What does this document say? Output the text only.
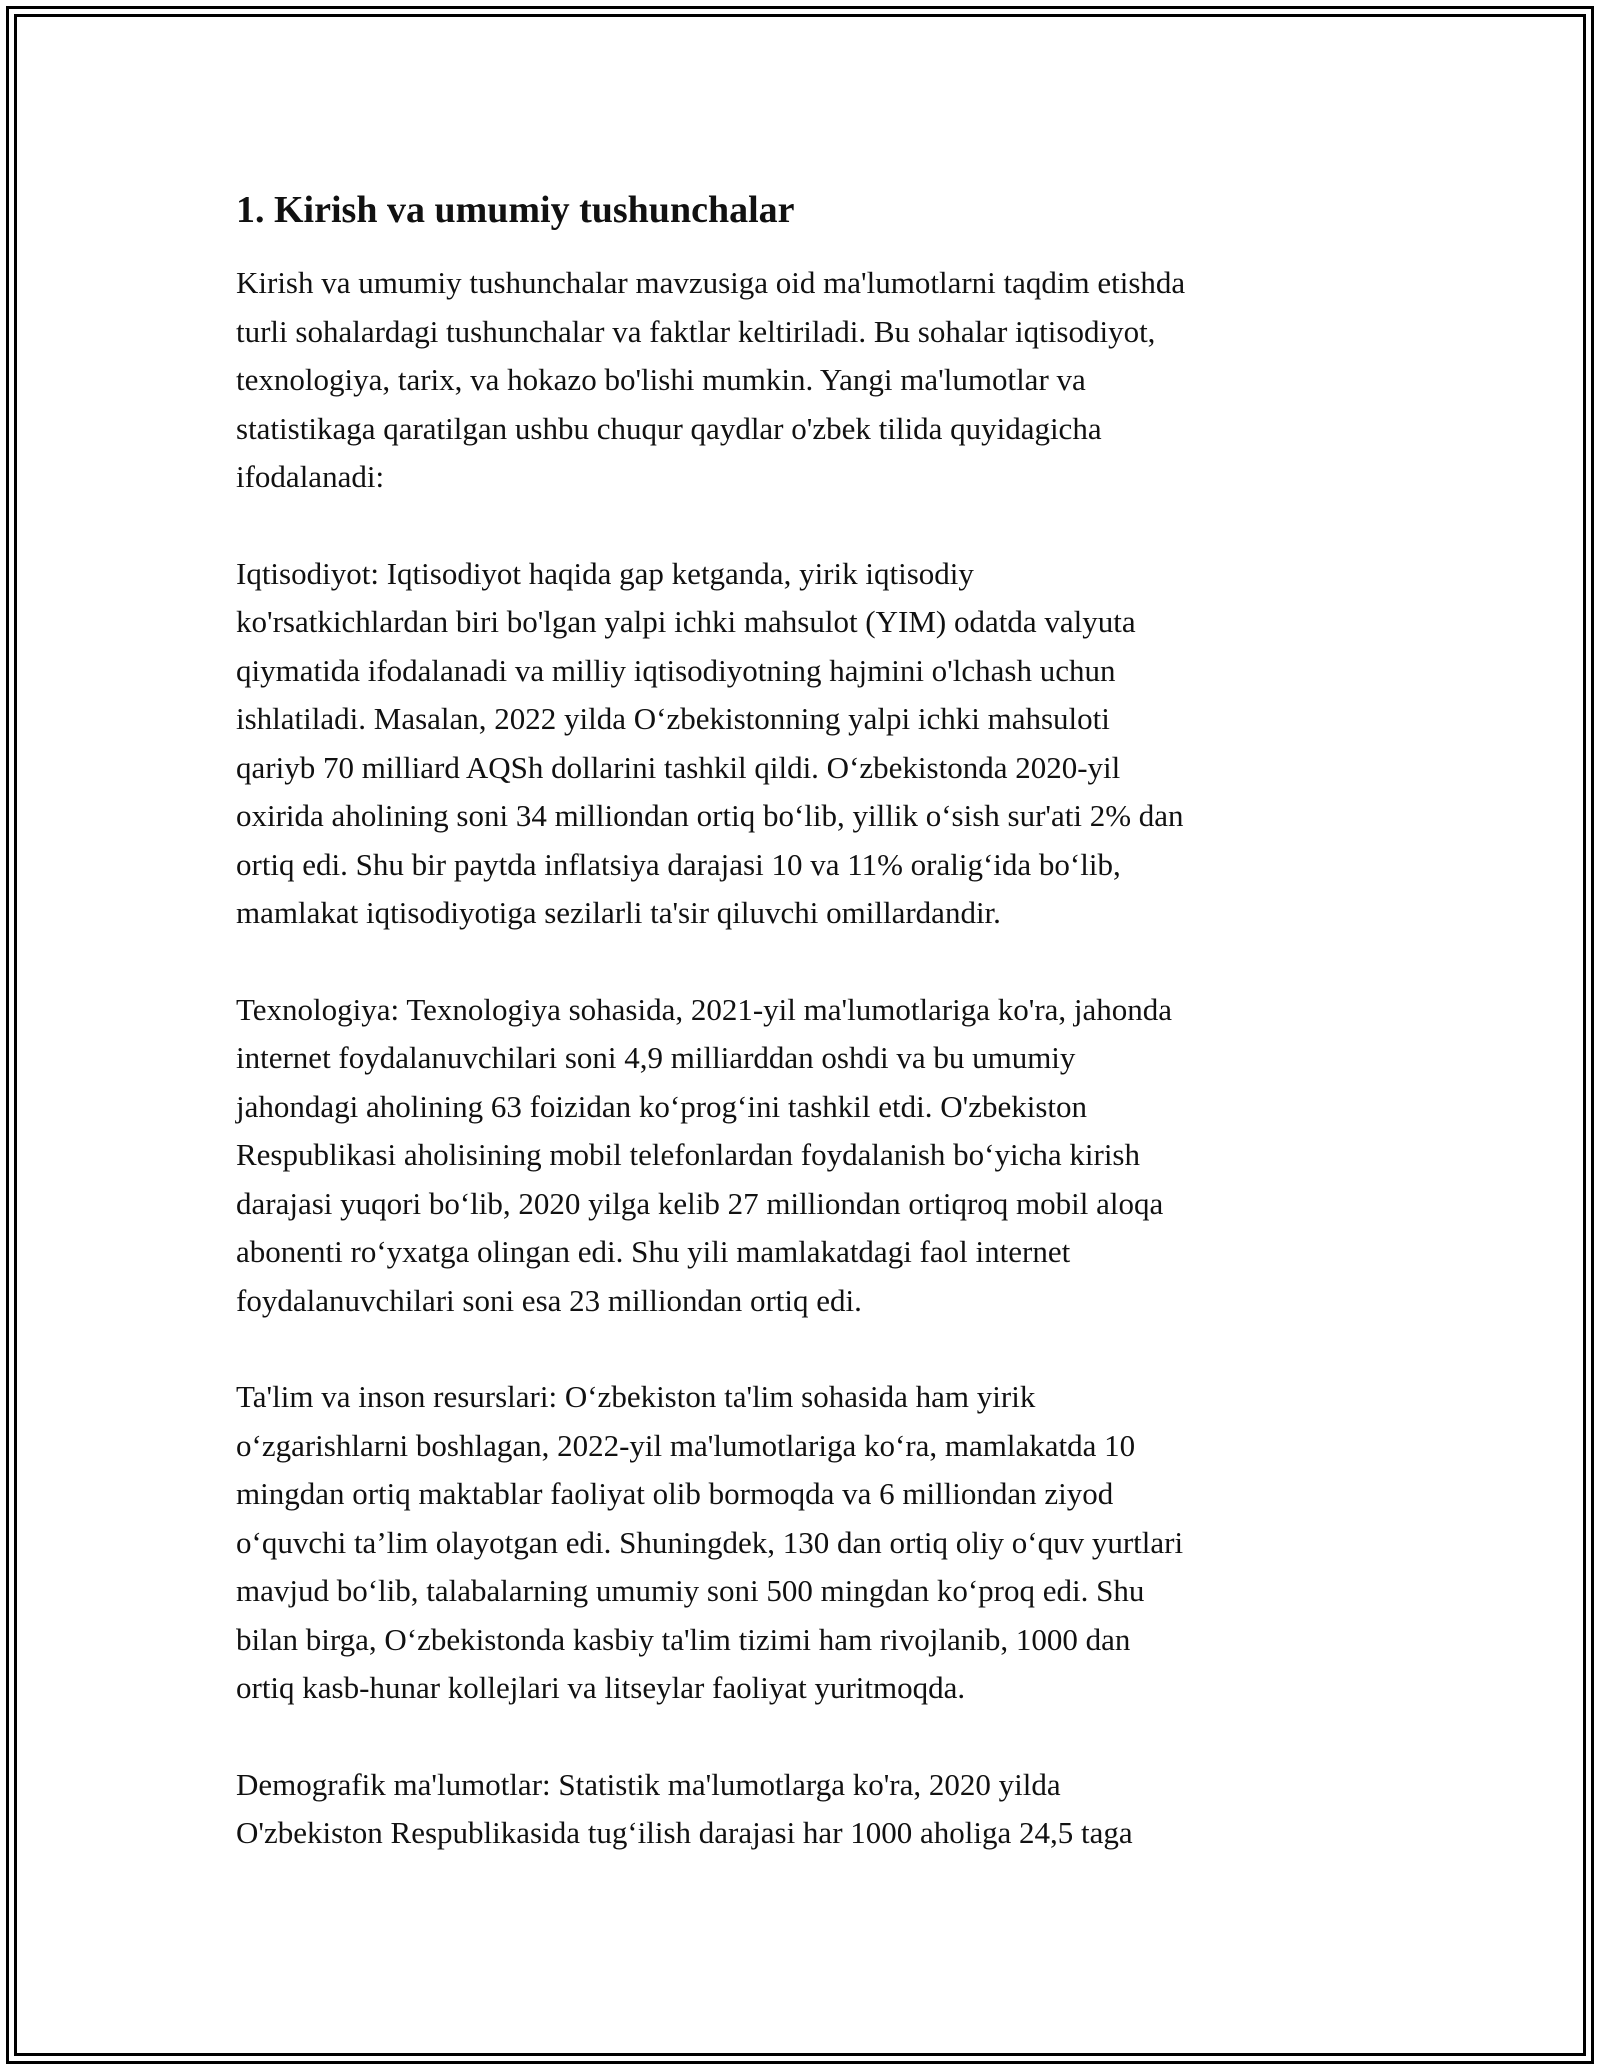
1. Kirish va umumiy tushunchalar

Kirish va umumiy tushunchalar mavzusiga oid ma'lumotlarni taqdim etishda
turli sohalardagi tushunchalar va faktlar keltiriladi. Bu sohalar iqtisodiyot,
texnologiya, tarix, va hokazo bo'lishi mumkin. Yangi ma'lumotlar va
statistikaga qaratilgan ushbu chuqur qaydlar o'zbek tilida quyidagicha
ifodalanadi:

Iqtisodiyot: Iqtisodiyot haqida gap ketganda, yirik iqtisodiy
ko'rsatkichlardan biri bo'lgan yalpi ichki mahsulot (YIM) odatda valyuta
qiymatida ifodalanadi va milliy iqtisodiyotning hajmini o'lchash uchun
ishlatiladi. Masalan, 2022 yilda Oʻzbekistonning yalpi ichki mahsuloti
qariyb 70 milliard AQSh dollarini tashkil qildi. Oʻzbekistonda 2020-yil
oxirida aholining soni 34 milliondan ortiq boʻlib, yillik oʻsish sur'ati 2% dan
ortiq edi. Shu bir paytda inflatsiya darajasi 10 va 11% oraligʻida boʻlib,
mamlakat iqtisodiyotiga sezilarli ta'sir qiluvchi omillardandir.

Texnologiya: Texnologiya sohasida, 2021-yil ma'lumotlariga ko'ra, jahonda
internet foydalanuvchilari soni 4,9 milliarddan oshdi va bu umumiy
jahondagi aholining 63 foizidan koʻprogʻini tashkil etdi. O'zbekiston
Respublikasi aholisining mobil telefonlardan foydalanish boʻyicha kirish
darajasi yuqori boʻlib, 2020 yilga kelib 27 milliondan ortiqroq mobil aloqa
abonenti roʻyxatga olingan edi. Shu yili mamlakatdagi faol internet
foydalanuvchilari soni esa 23 milliondan ortiq edi.

Ta'lim va inson resurslari: Oʻzbekiston ta'lim sohasida ham yirik
oʻzgarishlarni boshlagan, 2022-yil ma'lumotlariga koʻra, mamlakatda 10
mingdan ortiq maktablar faoliyat olib bormoqda va 6 milliondan ziyod
oʻquvchi ta’lim olayotgan edi. Shuningdek, 130 dan ortiq oliy oʻquv yurtlari
mavjud boʻlib, talabalarning umumiy soni 500 mingdan koʻproq edi. Shu
bilan birga, Oʻzbekistonda kasbiy ta'lim tizimi ham rivojlanib, 1000 dan
ortiq kasb-hunar kollejlari va litseylar faoliyat yuritmoqda.

Demografik ma'lumotlar: Statistik ma'lumotlarga ko'ra, 2020 yilda
O'zbekiston Respublikasida tugʻilish darajasi har 1000 aholiga 24,5 taga
